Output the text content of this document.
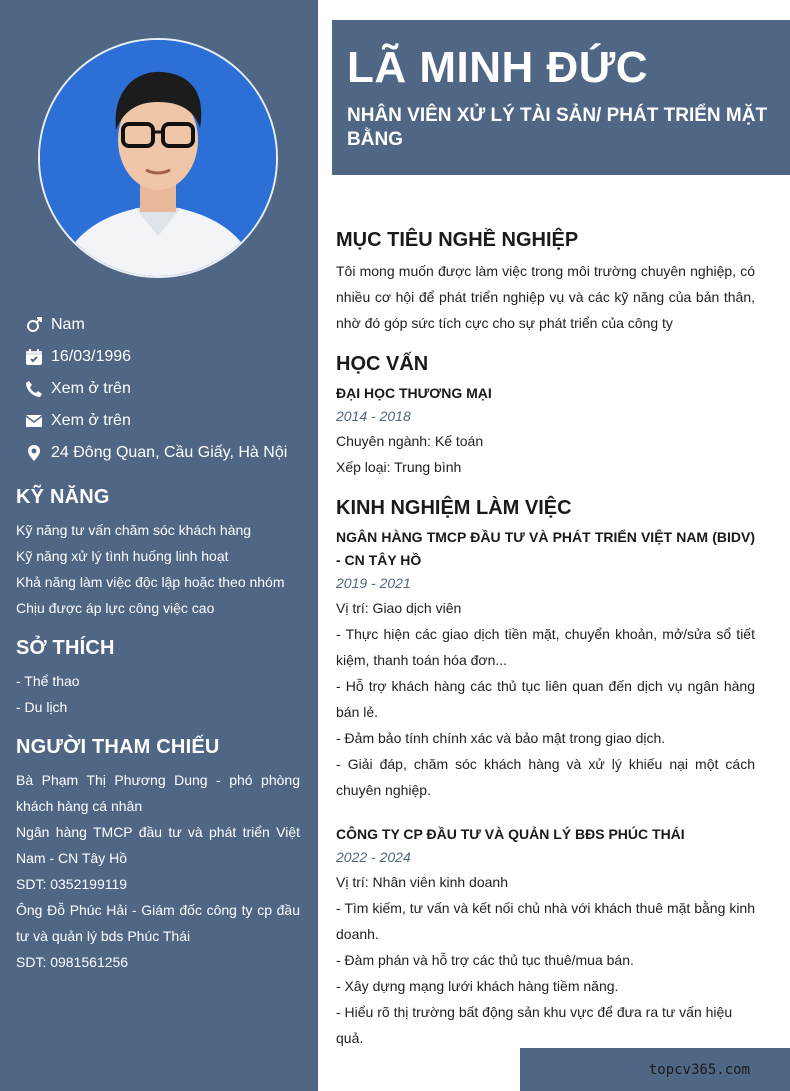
Nam
16/03/1996
Xem ở trên
Xem ở trên
24 Đông Quan, Cầu Giấy, Hà Nội
KỸ NĂNG
Kỹ năng tư vấn chăm sóc khách hàng
Kỹ năng xử lý tình huống linh hoạt
Khả năng làm việc độc lập hoặc theo nhóm
Chịu được áp lực công việc cao
SỞ THÍCH
- Thể thao
- Du lịch
NGƯỜI THAM CHIẾU
Bà Phạm Thị Phương Dung - phó phòng khách hàng cá nhân
Ngân hàng TMCP đầu tư và phát triển Việt Nam - CN Tây Hồ
SDT: 0352199119
Ông Đỗ Phúc Hải - Giám đốc công ty cp đầu tư và quản lý bds Phúc Thái
SDT: 0981561256
LÃ MINH ĐỨC
NHÂN VIÊN XỬ LÝ TÀI SẢN/ PHÁT TRIỂN MẶT BẰNG
MỤC TIÊU NGHỀ NGHIỆP
Tôi mong muốn được làm việc trong môi trường chuyên nghiệp, có nhiều cơ hội để phát triển nghiệp vụ và các kỹ năng của bản thân, nhờ đó góp sức tích cực cho sự phát triển của công ty
HỌC VẤN
ĐẠI HỌC THƯƠNG MẠI
2014 - 2018
Chuyên ngành: Kế toán
Xếp loại: Trung bình
KINH NGHIỆM LÀM VIỆC
NGÂN HÀNG TMCP ĐẦU TƯ VÀ PHÁT TRIỂN VIỆT NAM (BIDV) - CN TÂY HỒ
2019 - 2021
Vị trí: Giao dịch viên
- Thực hiện các giao dịch tiền mặt, chuyển khoản, mở/sửa sổ tiết kiệm, thanh toán hóa đơn...
- Hỗ trợ khách hàng các thủ tục liên quan đến dịch vụ ngân hàng bán lẻ.
- Đảm bảo tính chính xác và bảo mật trong giao dịch.
- Giải đáp, chăm sóc khách hàng và xử lý khiếu nại một cách chuyên nghiệp.
CÔNG TY CP ĐẦU TƯ VÀ QUẢN LÝ BĐS PHÚC THÁI
2022 - 2024
Vị trí: Nhân viên kinh doanh
- Tìm kiếm, tư vấn và kết nối chủ nhà với khách thuê mặt bằng kinh doanh.
- Đàm phán và hỗ trợ các thủ tục thuê/mua bán.
- Xây dựng mạng lưới khách hàng tiềm năng.
- Hiểu rõ thị trường bất động sản khu vực để đưa ra tư vấn hiệu quả.
topcv365.com
